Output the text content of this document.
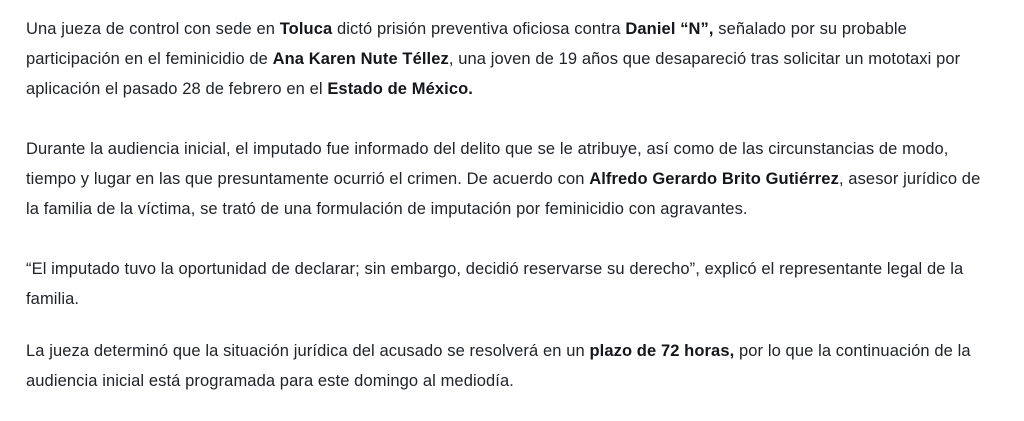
Una jueza de control con sede en Toluca dictó prisión preventiva oficiosa contra Daniel “N”, señalado por su probable participación en el feminicidio de Ana Karen Nute Téllez, una joven de 19 años que desapareció tras solicitar un mototaxi por aplicación el pasado 28 de febrero en el Estado de México.

Durante la audiencia inicial, el imputado fue informado del delito que se le atribuye, así como de las circunstancias de modo, tiempo y lugar en las que presuntamente ocurrió el crimen. De acuerdo con Alfredo Gerardo Brito Gutiérrez, asesor jurídico de la familia de la víctima, se trató de una formulación de imputación por feminicidio con agravantes.

“El imputado tuvo la oportunidad de declarar; sin embargo, decidió reservarse su derecho”, explicó el representante legal de la familia.

La jueza determinó que la situación jurídica del acusado se resolverá en un plazo de 72 horas, por lo que la continuación de la audiencia inicial está programada para este domingo al mediodía.
